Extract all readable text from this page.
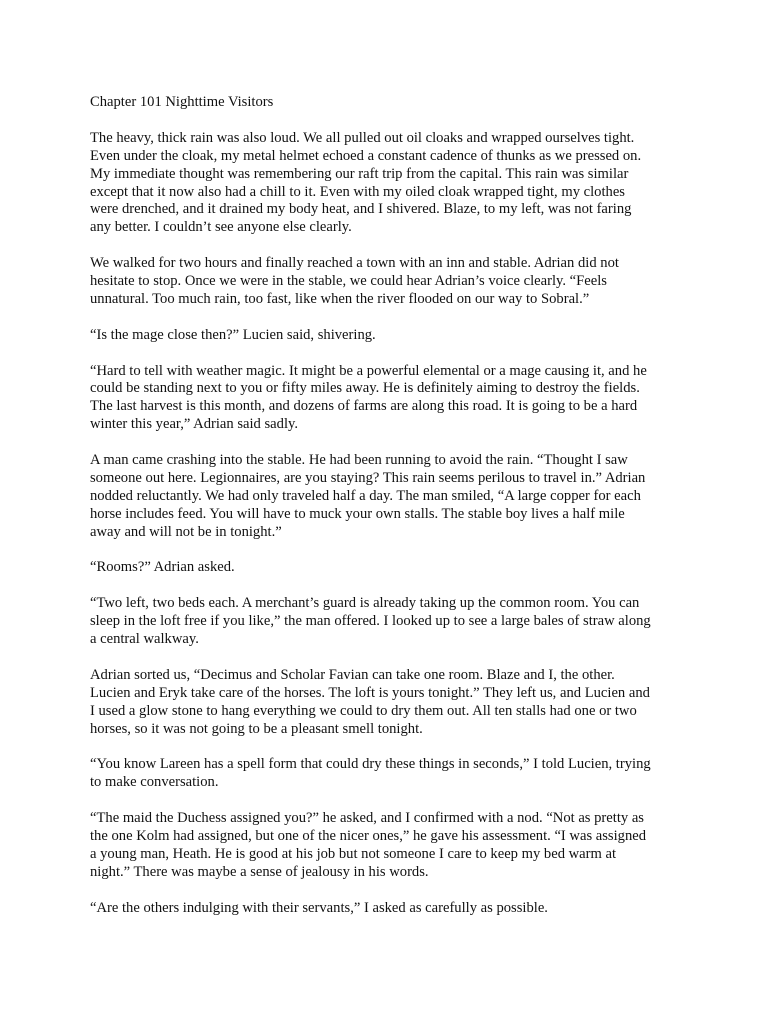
Chapter 101 Nighttime Visitors

The heavy, thick rain was also loud. We all pulled out oil cloaks and wrapped ourselves tight.
Even under the cloak, my metal helmet echoed a constant cadence of thunks as we pressed on.
My immediate thought was remembering our raft trip from the capital. This rain was similar
except that it now also had a chill to it. Even with my oiled cloak wrapped tight, my clothes
were drenched, and it drained my body heat, and I shivered. Blaze, to my left, was not faring
any better. I couldn’t see anyone else clearly.

We walked for two hours and finally reached a town with an inn and stable. Adrian did not
hesitate to stop. Once we were in the stable, we could hear Adrian’s voice clearly. “Feels
unnatural. Too much rain, too fast, like when the river flooded on our way to Sobral.”

“Is the mage close then?” Lucien said, shivering.

“Hard to tell with weather magic. It might be a powerful elemental or a mage causing it, and he
could be standing next to you or fifty miles away. He is definitely aiming to destroy the fields.
The last harvest is this month, and dozens of farms are along this road. It is going to be a hard
winter this year,” Adrian said sadly.

A man came crashing into the stable. He had been running to avoid the rain. “Thought I saw
someone out here. Legionnaires, are you staying? This rain seems perilous to travel in.” Adrian
nodded reluctantly. We had only traveled half a day. The man smiled, “A large copper for each
horse includes feed. You will have to muck your own stalls. The stable boy lives a half mile
away and will not be in tonight.”

“Rooms?” Adrian asked.

“Two left, two beds each. A merchant’s guard is already taking up the common room. You can
sleep in the loft free if you like,” the man offered. I looked up to see a large bales of straw along
a central walkway.

Adrian sorted us, “Decimus and Scholar Favian can take one room. Blaze and I, the other.
Lucien and Eryk take care of the horses. The loft is yours tonight.” They left us, and Lucien and
I used a glow stone to hang everything we could to dry them out. All ten stalls had one or two
horses, so it was not going to be a pleasant smell tonight.

“You know Lareen has a spell form that could dry these things in seconds,” I told Lucien, trying
to make conversation.

“The maid the Duchess assigned you?” he asked, and I confirmed with a nod. “Not as pretty as
the one Kolm had assigned, but one of the nicer ones,” he gave his assessment. “I was assigned
a young man, Heath. He is good at his job but not someone I care to keep my bed warm at
night.” There was maybe a sense of jealousy in his words.

“Are the others indulging with their servants,” I asked as carefully as possible.
